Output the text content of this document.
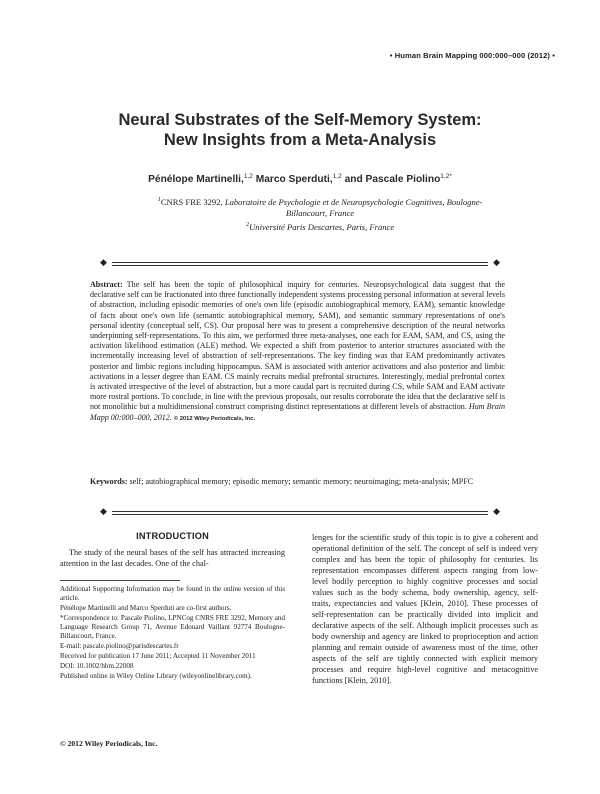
• Human Brain Mapping 000:000–000 (2012) •
Neural Substrates of the Self-Memory System:
New Insights from a Meta-Analysis
Pénélope Martinelli,$^{1,2}$ Marco Sperduti,$^{1,2}$ and Pascale Piolino$^{1,2*}$
$^1$CNRS FRE 3292, Laboratoire de Psychologie et de Neuropsychologie Cognitives, Boulogne-Billancourt, France
$^2$Université Paris Descartes, Paris, France
◆	◆
Abstract: The self has been the topic of philosophical inquiry for centuries. Neuropsychological data suggest that the declarative self can be fractionated into three functionally independent systems processing personal information at several levels of abstraction, including episodic memories of one's own life (episodic autobiographical memory, EAM), semantic knowledge of facts about one's own life (semantic autobiographical memory, SAM), and semantic summary representations of one's personal identity (conceptual self, CS). Our proposal here was to present a comprehensive description of the neural networks underpinning self-representations. To this aim, we performed three meta-analyses, one each for EAM, SAM, and CS, using the activation likelihood estimation (ALE) method. We expected a shift from posterior to anterior structures associated with the incrementally increasing level of abstraction of self-representations. The key finding was that EAM predominantly activates posterior and limbic regions including hippocampus. SAM is associated with anterior activations and also posterior and limbic activations in a lesser degree than EAM. CS mainly recruits medial prefrontal structures. Interestingly, medial prefrontal cortex is activated irrespective of the level of abstraction, but a more caudal part is recruited during CS, while SAM and EAM activate more rostral portions. To conclude, in line with the previous proposals, our results corroborate the idea that the declarative self is not monolithic but a multidimensional construct comprising distinct representations at different levels of abstraction. Hum Brain Mapp 00:000–000, 2012. © 2012 Wiley Periodicals, Inc.
Keywords: self; autobiographical memory; episodic memory; semantic memory; neuroimaging; meta-analysis; MPFC
◆	◆
INTRODUCTION
The study of the neural bases of the self has attracted increasing attention in the last decades. One of the chal-

Additional Supporting Information may be found in the online version of this article.

Pénélope Martinelli and Marco Sperduti are co-first authors.

*Correspondence to: Pascale Piolino, LPNCog CNRS FRE 3292, Memory and Language Research Group 71, Avenue Edouard Vaillant 92774 Boulogne-Billancourt, France.

E-mail: pascale.piolino@parisdescartes.fr

Received for publication 17 June 2011; Accepted 11 November 2011

DOI: 10.1002/hbm.22008

Published online in Wiley Online Library (wileyonlinelibrary.com).

© 2012 Wiley Periodicals, Inc.
lenges for the scientific study of this topic is to give a coherent and operational definition of the self. The concept of self is indeed very complex and has been the topic of philosophy for centuries. Its representation encompasses different aspects ranging from low-level bodily perception to highly cognitive processes and social values such as the body schema, body ownership, agency, self-traits, expectancies and values [Klein, 2010]. These processes of self-representation can be practically divided into implicit and declarative aspects of the self. Although implicit processes such as body ownership and agency are linked to proprioception and action planning and remain outside of awareness most of the time, other aspects of the self are tightly connected with explicit memory processes and require high-level cognitive and metacognitive functions [Klein, 2010].
